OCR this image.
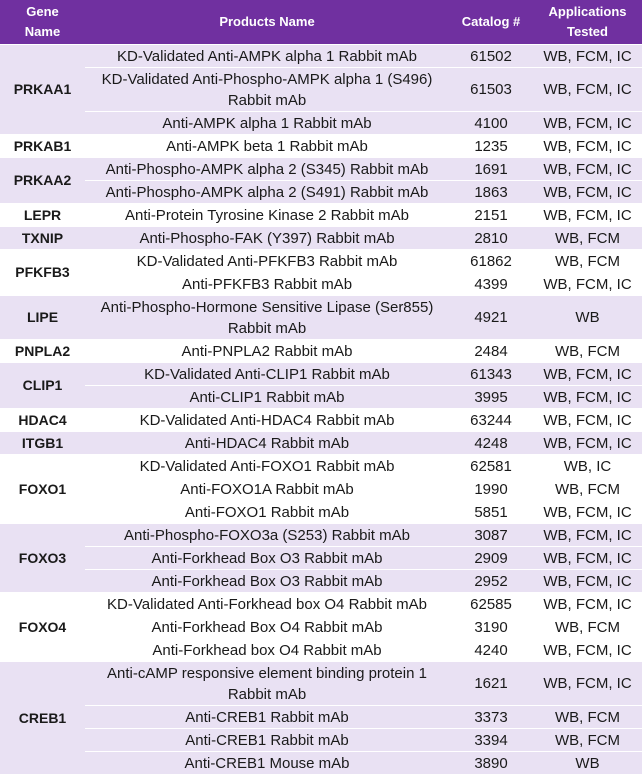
Gene
Name	Products Name	Catalog #	Applications
Tested
PRKAA1	KD-Validated Anti-AMPK alpha 1 Rabbit mAb	61502	WB, FCM, IC
	KD-Validated Anti-Phospho-AMPK alpha 1 (S496) Rabbit mAb	61503	WB, FCM, IC
	Anti-AMPK alpha 1 Rabbit mAb	4100	WB, FCM, IC
PRKAB1	Anti-AMPK beta 1 Rabbit mAb	1235	WB, FCM, IC
PRKAA2	Anti-Phospho-AMPK alpha 2 (S345) Rabbit mAb	1691	WB, FCM, IC
	Anti-Phospho-AMPK alpha 2 (S491) Rabbit mAb	1863	WB, FCM, IC
LEPR	Anti-Protein Tyrosine Kinase 2 Rabbit mAb	2151	WB, FCM, IC
TXNIP	Anti-Phospho-FAK (Y397) Rabbit mAb	2810	WB, FCM
PFKFB3	KD-Validated Anti-PFKFB3 Rabbit mAb	61862	WB, FCM
	Anti-PFKFB3 Rabbit mAb	4399	WB, FCM, IC
LIPE	Anti-Phospho-Hormone Sensitive Lipase (Ser855) Rabbit mAb	4921	WB
PNPLA2	Anti-PNPLA2 Rabbit mAb	2484	WB, FCM
CLIP1	KD-Validated Anti-CLIP1 Rabbit mAb	61343	WB, FCM, IC
	Anti-CLIP1 Rabbit mAb	3995	WB, FCM, IC
HDAC4	KD-Validated Anti-HDAC4 Rabbit mAb	63244	WB, FCM, IC
ITGB1	Anti-HDAC4 Rabbit mAb	4248	WB, FCM, IC
FOXO1	KD-Validated Anti-FOXO1 Rabbit mAb	62581	WB, IC
	Anti-FOXO1A Rabbit mAb	1990	WB, FCM
	Anti-FOXO1 Rabbit mAb	5851	WB, FCM, IC
FOXO3	Anti-Phospho-FOXO3a (S253) Rabbit mAb	3087	WB, FCM, IC
	Anti-Forkhead Box O3 Rabbit mAb	2909	WB, FCM, IC
	Anti-Forkhead Box O3 Rabbit mAb	2952	WB, FCM, IC
FOXO4	KD-Validated Anti-Forkhead box O4 Rabbit mAb	62585	WB, FCM, IC
	Anti-Forkhead Box O4 Rabbit mAb	3190	WB, FCM
	Anti-Forkhead box O4 Rabbit mAb	4240	WB, FCM, IC
CREB1	Anti-cAMP responsive element binding protein 1 Rabbit mAb	1621	WB, FCM, IC
	Anti-CREB1 Rabbit mAb	3373	WB, FCM
	Anti-CREB1 Rabbit mAb	3394	WB, FCM
	Anti-CREB1 Mouse mAb	3890	WB
